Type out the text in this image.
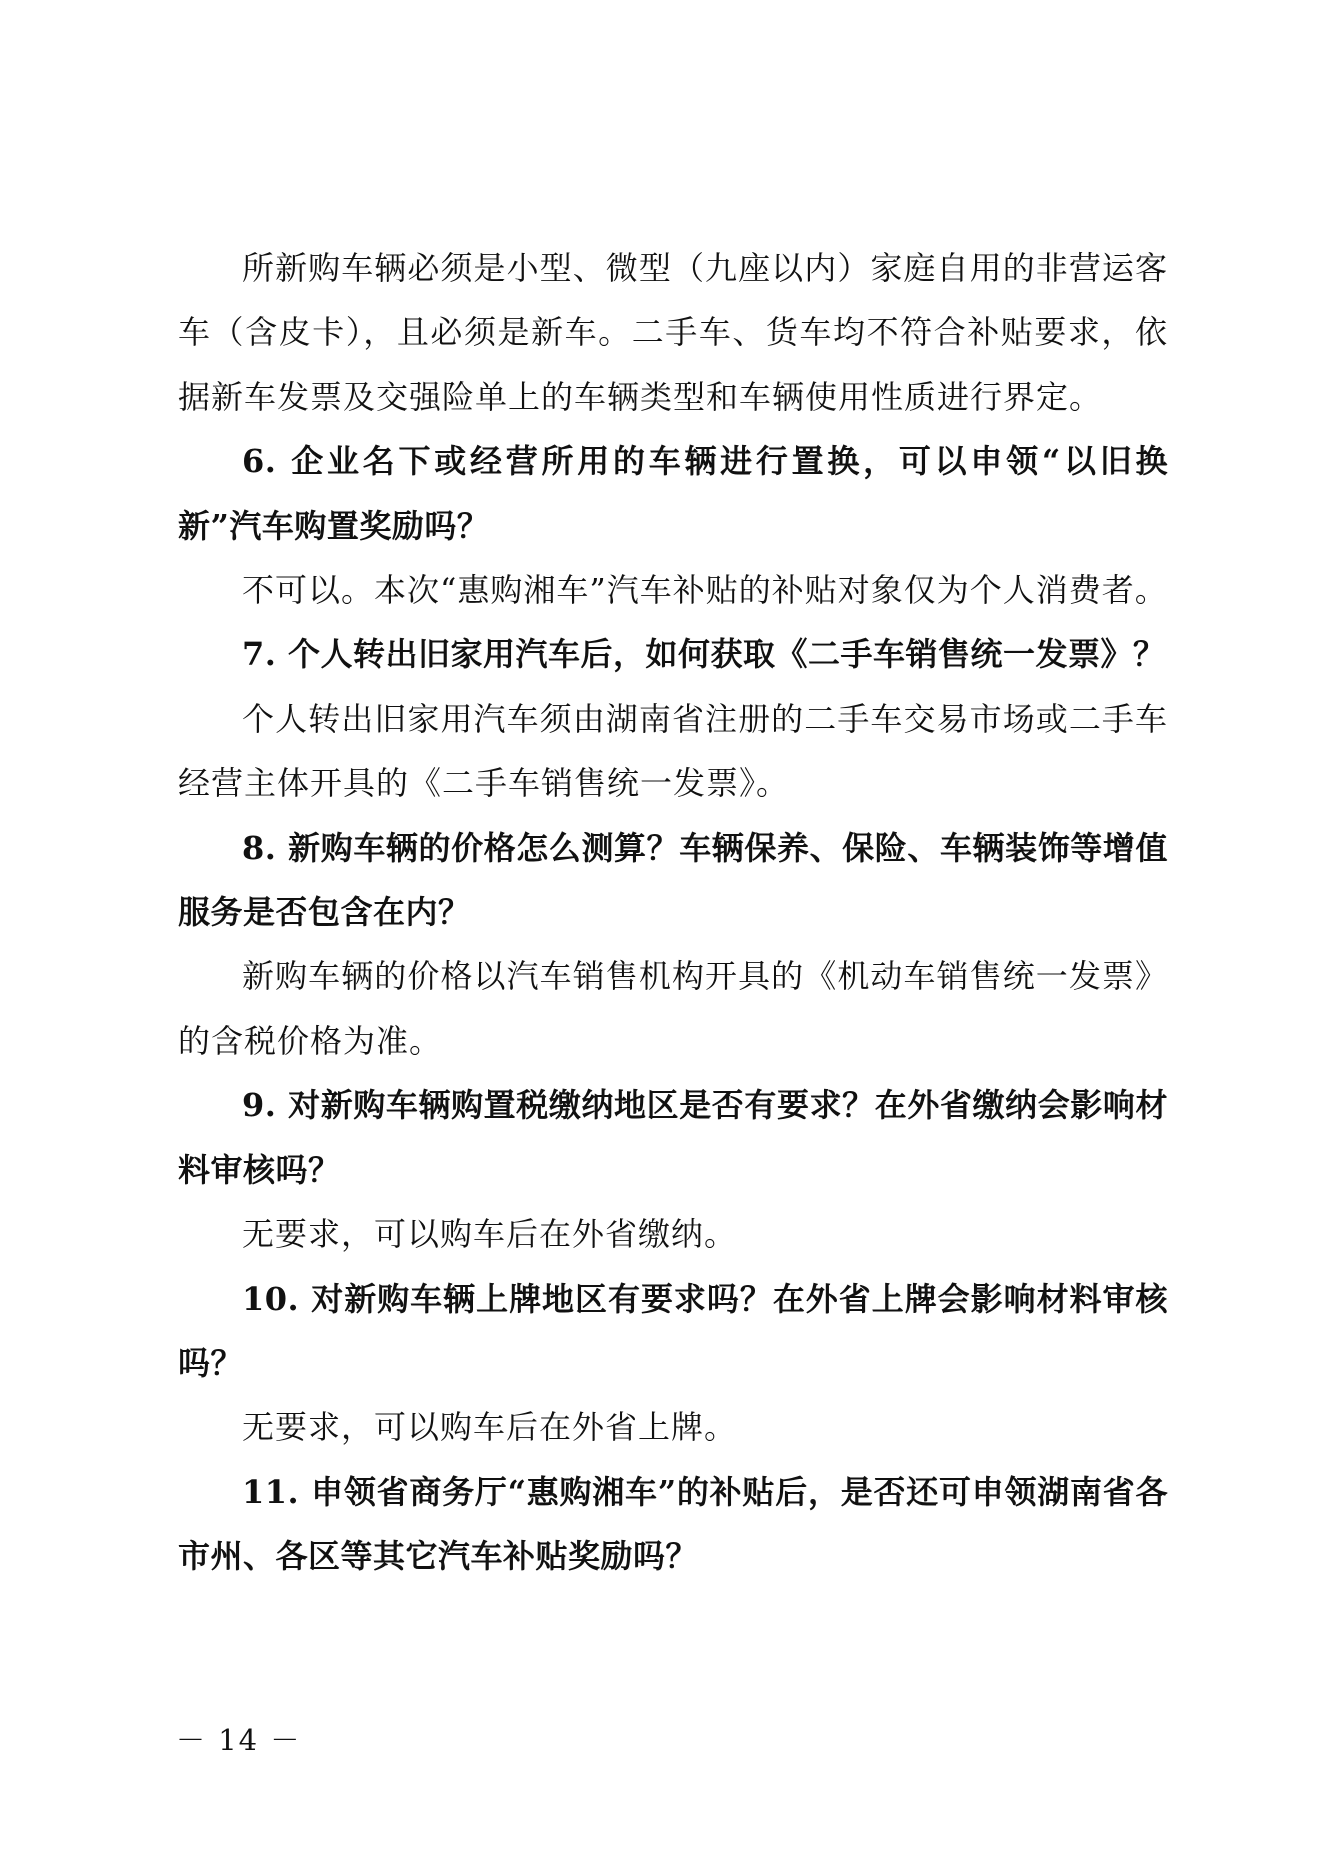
所新购车辆必须是小型、微型（九座以内）家庭自用的非营运客车（含皮卡），且必须是新车。二手车、货车均不符合补贴要求，依据新车发票及交强险单上的车辆类型和车辆使用性质进行界定。

6. 企业名下或经营所用的车辆进行置换，可以申领“以旧换新”汽车购置奖励吗？

不可以。本次“惠购湘车”汽车补贴的补贴对象仅为个人消费者。

7. 个人转出旧家用汽车后，如何获取《二手车销售统一发票》？

个人转出旧家用汽车须由湖南省注册的二手车交易市场或二手车经营主体开具的《二手车销售统一发票》。

8. 新购车辆的价格怎么测算？车辆保养、保险、车辆装饰等增值服务是否包含在内？

新购车辆的价格以汽车销售机构开具的《机动车销售统一发票》的含税价格为准。

9. 对新购车辆购置税缴纳地区是否有要求？在外省缴纳会影响材料审核吗？

无要求，可以购车后在外省缴纳。

10. 对新购车辆上牌地区有要求吗？在外省上牌会影响材料审核吗？

无要求，可以购车后在外省上牌。

11. 申领省商务厅“惠购湘车”的补贴后，是否还可申领湖南省各市州、各区等其它汽车补贴奖励吗？

－ 14 －
